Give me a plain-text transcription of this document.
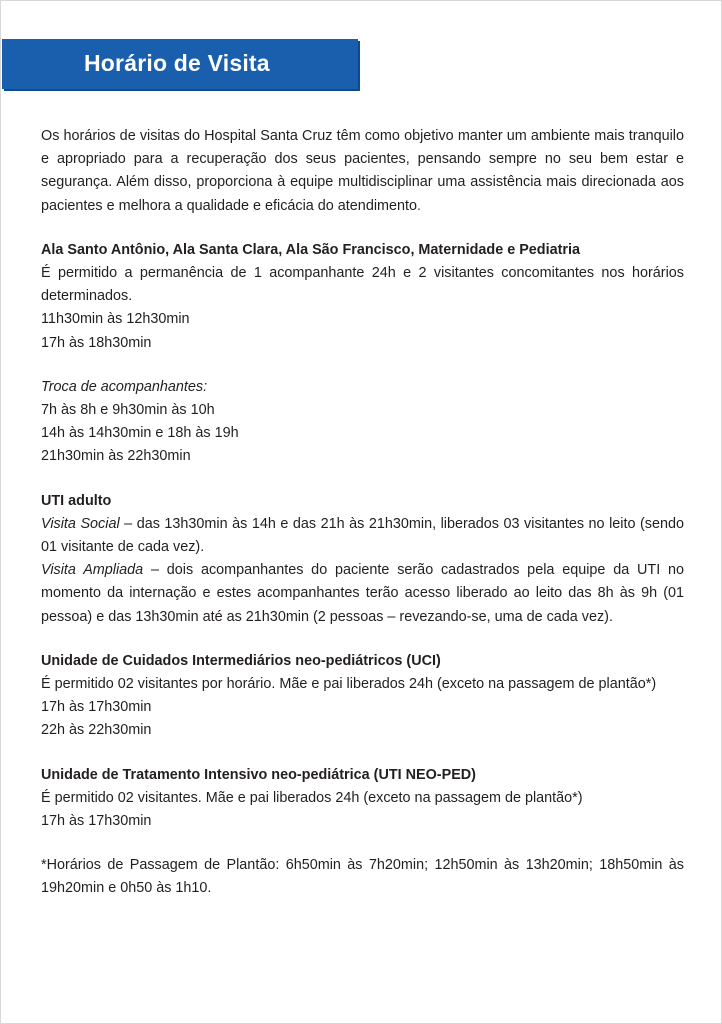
Horário de Visita

Os horários de visitas do Hospital Santa Cruz têm como objetivo manter um ambiente mais tranquilo e apropriado para a recuperação dos seus pacientes, pensando sempre no seu bem estar e segurança. Além disso, proporciona à equipe multidisciplinar uma assistência mais direcionada aos pacientes e melhora a qualidade e eficácia do atendimento.

Ala Santo Antônio, Ala Santa Clara, Ala São Francisco, Maternidade e Pediatria

É permitido a permanência de 1 acompanhante 24h e 2 visitantes concomitantes nos horários determinados.

11h30min às 12h30min

17h às 18h30min

Troca de acompanhantes:

7h às 8h e 9h30min às 10h

14h às 14h30min e 18h às 19h

21h30min às 22h30min

UTI adulto

Visita Social – das 13h30min às 14h e das 21h às 21h30min, liberados 03 visitantes no leito (sendo 01 visitante de cada vez).

Visita Ampliada – dois acompanhantes do paciente serão cadastrados pela equipe da UTI no momento da internação e estes acompanhantes terão acesso liberado ao leito das 8h às 9h (01 pessoa) e das 13h30min até as 21h30min (2 pessoas – revezando-se, uma de cada vez).

Unidade de Cuidados Intermediários neo-pediátricos (UCI)

É permitido 02 visitantes por horário. Mãe e pai liberados 24h (exceto na passagem de plantão*)

17h às 17h30min

22h às 22h30min

Unidade de Tratamento Intensivo neo-pediátrica (UTI NEO-PED)

É permitido 02 visitantes. Mãe e pai liberados 24h (exceto na passagem de plantão*)

17h às 17h30min

*Horários de Passagem de Plantão: 6h50min às 7h20min; 12h50min às 13h20min; 18h50min às 19h20min e 0h50 às 1h10.
